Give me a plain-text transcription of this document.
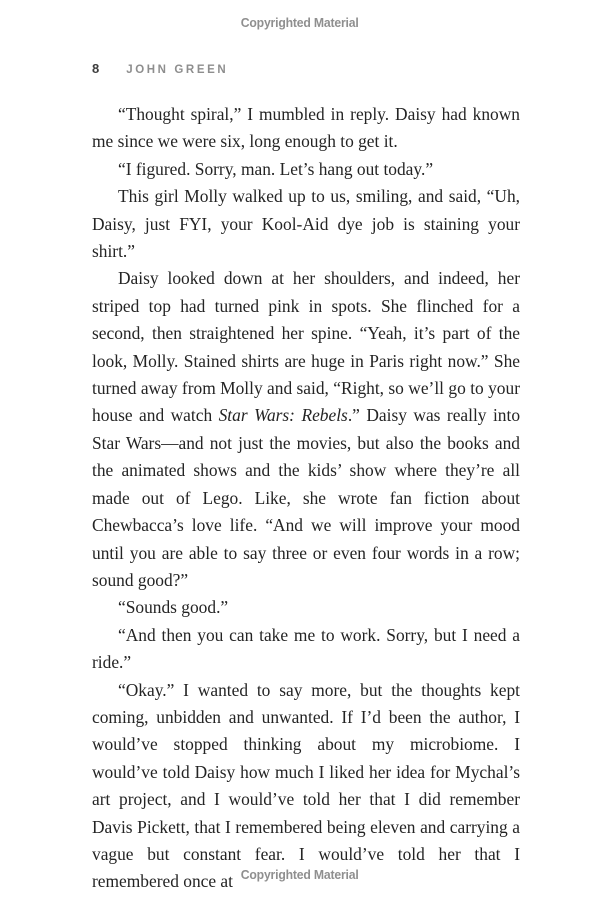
Copyrighted Material
8 JOHN GREEN

“Thought spiral,” I mumbled in reply. Daisy had known me since we were six, long enough to get it.

“I figured. Sorry, man. Let’s hang out today.”

This girl Molly walked up to us, smiling, and said, “Uh, Daisy, just FYI, your Kool-Aid dye job is staining your shirt.”

Daisy looked down at her shoulders, and indeed, her striped top had turned pink in spots. She flinched for a second, then straightened her spine. “Yeah, it’s part of the look, Molly. Stained shirts are huge in Paris right now.” She turned away from Molly and said, “Right, so we’ll go to your house and watch Star Wars: Rebels.” Daisy was really into Star Wars—and not just the movies, but also the books and the animated shows and the kids’ show where they’re all made out of Lego. Like, she wrote fan fiction about Chewbacca’s love life. “And we will improve your mood until you are able to say three or even four words in a row; sound good?”

“Sounds good.”

“And then you can take me to work. Sorry, but I need a ride.”

“Okay.” I wanted to say more, but the thoughts kept coming, unbidden and unwanted. If I’d been the author, I would’ve stopped thinking about my microbiome. I would’ve told Daisy how much I liked her idea for Mychal’s art project, and I would’ve told her that I did remember Davis Pickett, that I remembered being eleven and carrying a vague but constant fear. I would’ve told her that I remembered once at Copyrighted Material
